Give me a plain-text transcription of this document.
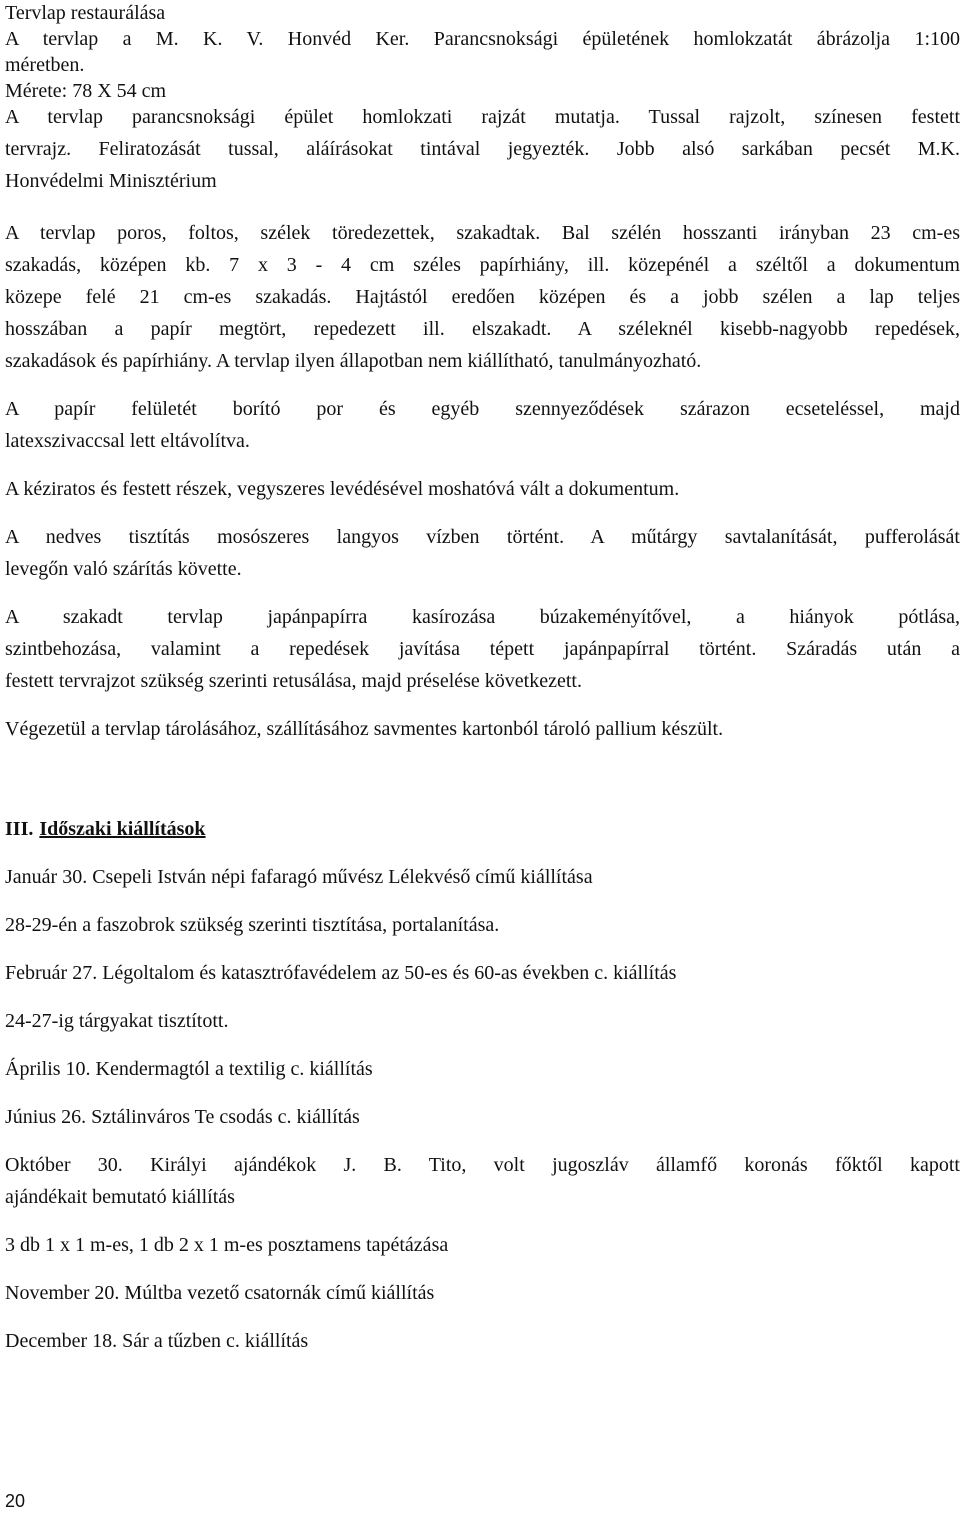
Tervlap restaurálása

A tervlap a M. K. V. Honvéd Ker. Parancsnoksági épületének homlokzatát ábrázolja 1:100

méretben.

Mérete: 78 X 54 cm

A tervlap parancsnoksági épület homlokzati rajzát mutatja. Tussal rajzolt, színesen festett

tervrajz. Feliratozását tussal, aláírásokat tintával jegyezték. Jobb alsó sarkában pecsét M.K.

Honvédelmi Minisztérium

A tervlap poros, foltos, szélek töredezettek, szakadtak. Bal szélén hosszanti irányban 23 cm-es

szakadás, középen kb. 7 x 3 - 4 cm széles papírhiány, ill. közepénél a széltől a dokumentum

közepe felé 21 cm-es szakadás. Hajtástól eredően középen és a jobb szélen a lap teljes

hosszában a papír megtört, repedezett ill. elszakadt. A széleknél kisebb-nagyobb repedések,

szakadások és papírhiány. A tervlap ilyen állapotban nem kiállítható, tanulmányozható.

A papír felületét borító por és egyéb szennyeződések szárazon ecseteléssel, majd

latexszivaccsal lett eltávolítva.

A kéziratos és festett részek, vegyszeres levédésével moshatóvá vált a dokumentum.

A nedves tisztítás mosószeres langyos vízben történt. A műtárgy savtalanítását, pufferolását

levegőn való szárítás követte.

A szakadt tervlap japánpapírra kasírozása búzakeményítővel, a hiányok pótlása,

szintbehozása, valamint a repedések javítása tépett japánpapírral történt. Száradás után a

festett tervrajzot szükség szerinti retusálása, majd préselése következett.

Végezetül a tervlap tárolásához, szállításához savmentes kartonból tároló pallium készült.

III. Időszaki kiállítások

Január 30. Csepeli István népi fafaragó művész Lélekvéső című kiállítása

28-29-én a faszobrok szükség szerinti tisztítása, portalanítása.

Február 27. Légoltalom és katasztrófavédelem az 50-es és 60-as években c. kiállítás

24-27-ig tárgyakat tisztított.

Április 10. Kendermagtól a textilig c. kiállítás

Június 26. Sztálinváros Te csodás c. kiállítás

Október 30. Királyi ajándékok J. B. Tito, volt jugoszláv államfő koronás főktől kapott

ajándékait bemutató kiállítás

3 db 1 x 1 m-es, 1 db 2 x 1 m-es posztamens tapétázása

November 20. Múltba vezető csatornák című kiállítás

December 18. Sár a tűzben c. kiállítás

20
